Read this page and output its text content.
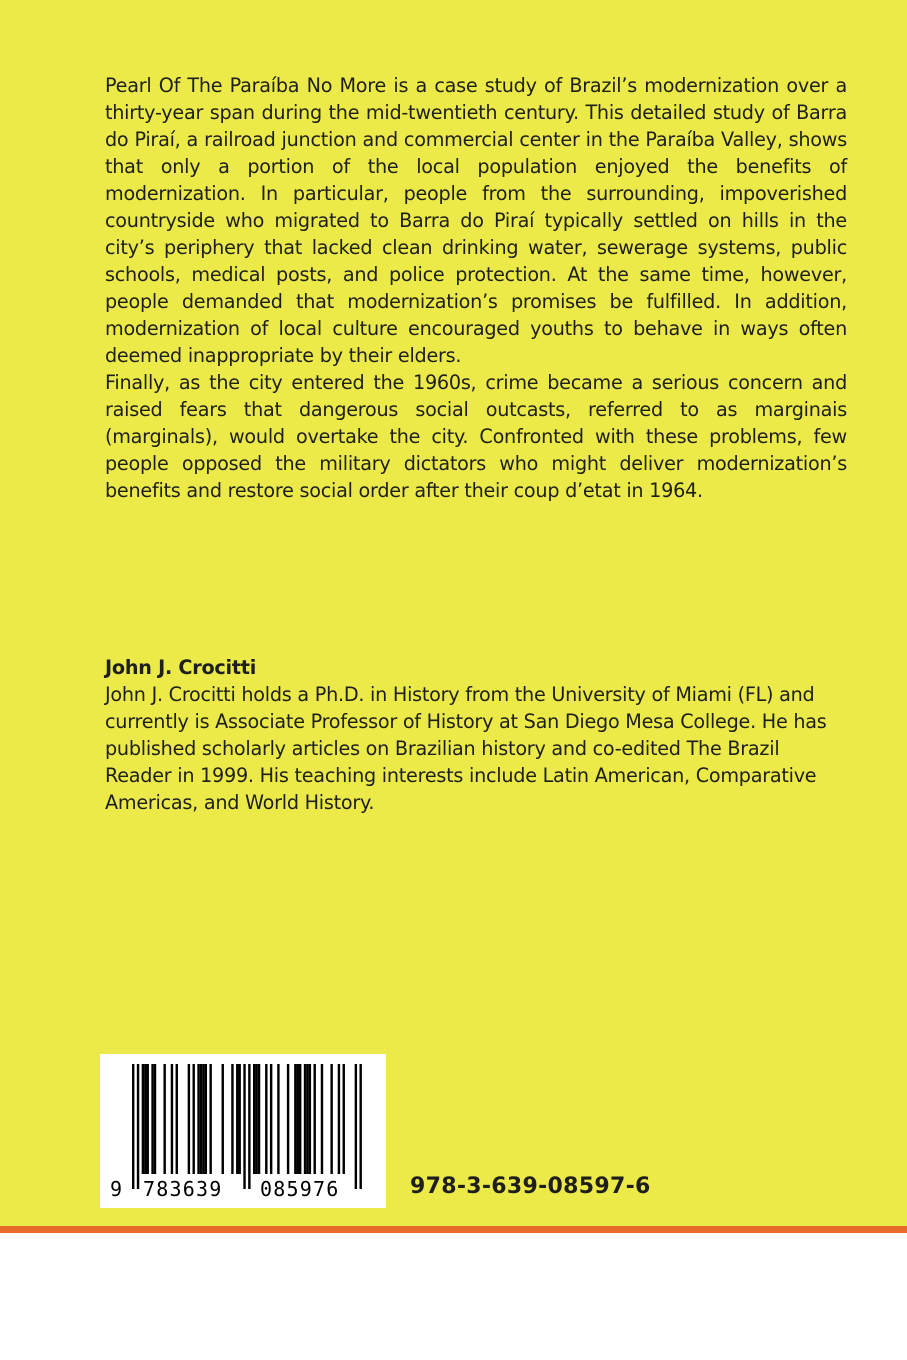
Pearl Of The Paraíba No More is a case study of Brazil’s modernization over a thirty-year span during the mid-twentieth century. This detailed study of Barra do Piraí, a railroad junction and commercial center in the Paraíba Valley, shows that only a portion of the local population enjoyed the benefits of modernization. In particular, people from the surrounding, impoverished countryside who migrated to Barra do Piraí typically settled on hills in the city’s periphery that lacked clean drinking water, sewerage systems, public schools, medical posts, and police protection. At the same time, however, people demanded that modernization’s promises be fulfilled. In addition, modernization of local culture encouraged youths to behave in ways often deemed inappropriate by their elders.

Finally, as the city entered the 1960s, crime became a serious concern and raised fears that dangerous social outcasts, referred to as marginais (marginals), would overtake the city. Confronted with these problems, few people opposed the military dictators who might deliver modernization’s benefits and restore social order after their coup d’etat in 1964.

John J. Crocitti

John J. Crocitti holds a Ph.D. in History from the University of Miami (FL) and currently is Associate Professor of History at San Diego Mesa College. He has published scholarly articles on Brazilian history and co-edited The Brazil Reader in 1999. His teaching interests include Latin American, Comparative Americas, and World History.

9 783639 085976	978-3-639-08597-6
